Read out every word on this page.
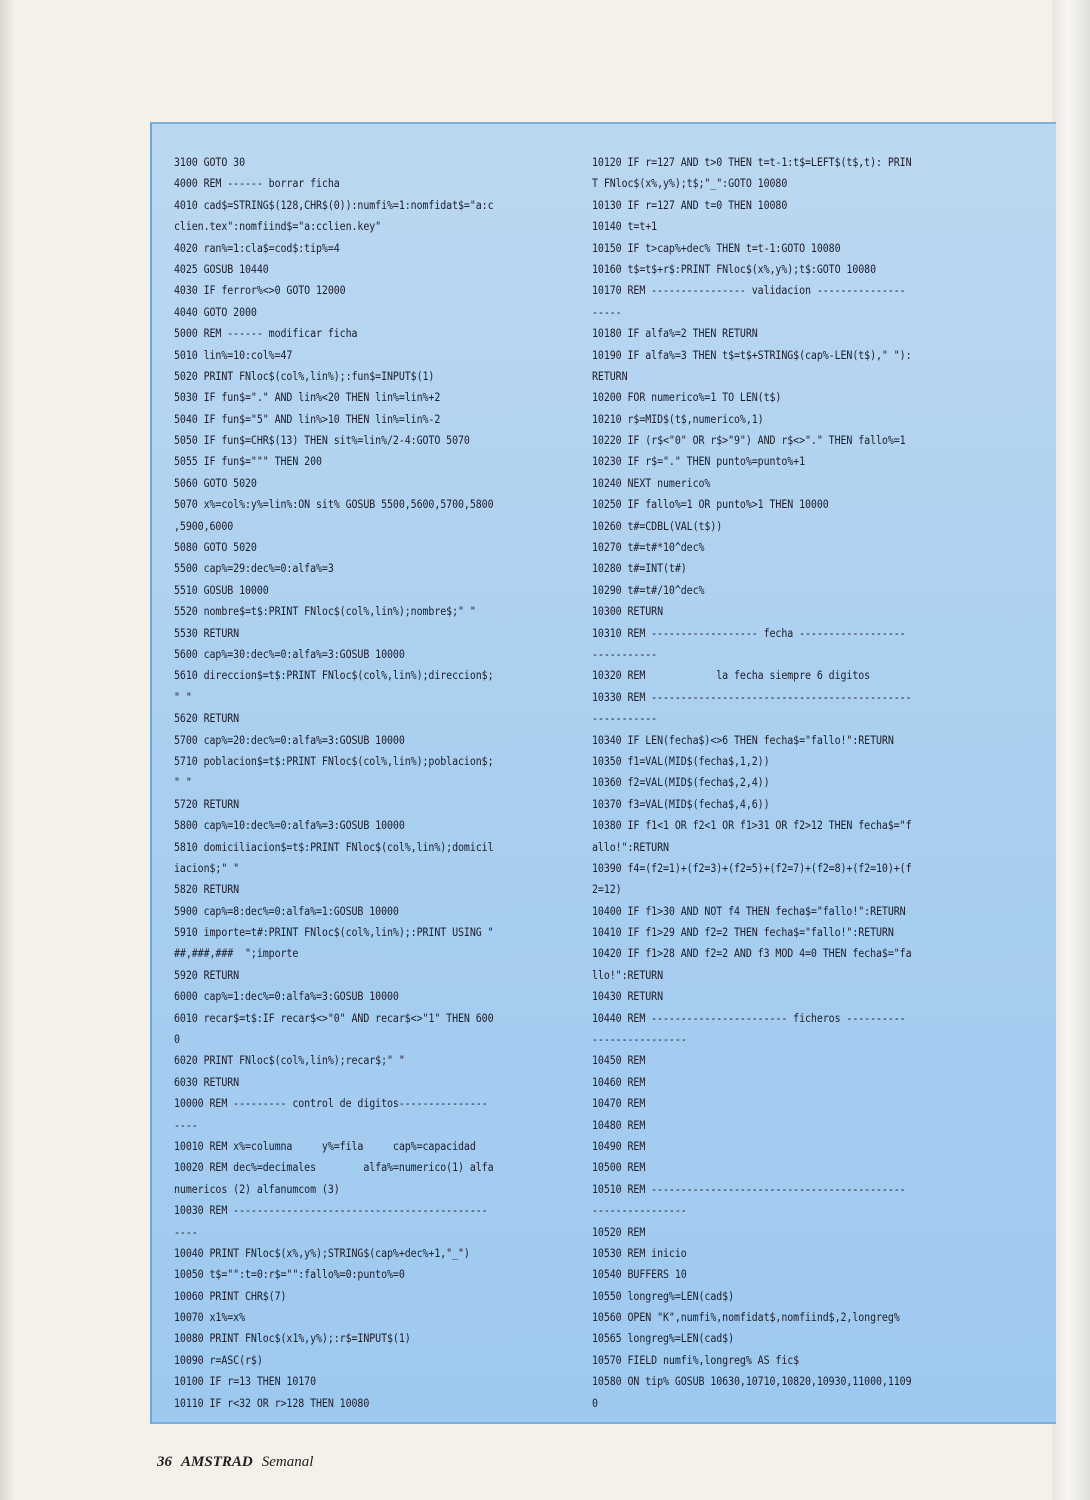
3100 GOTO 30
4000 REM ------ borrar ficha
4010 cad$=STRING$(128,CHR$(0)):numfi%=1:nomfidat$="a:c
clien.tex":nomfiind$="a:cclien.key"
4020 ran%=1:cla$=cod$:tip%=4
4025 GOSUB 10440
4030 IF ferror%<>0 GOTO 12000
4040 GOTO 2000
5000 REM ------ modificar ficha
5010 lin%=10:col%=47
5020 PRINT FNloc$(col%,lin%);:fun$=INPUT$(1)
5030 IF fun$="." AND lin%<20 THEN lin%=lin%+2
5040 IF fun$="5" AND lin%>10 THEN lin%=lin%-2
5050 IF fun$=CHR$(13) THEN sit%=lin%/2-4:GOTO 5070
5055 IF fun$=""" THEN 200
5060 GOTO 5020
5070 x%=col%:y%=lin%:ON sit% GOSUB 5500,5600,5700,5800
,5900,6000
5080 GOTO 5020
5500 cap%=29:dec%=0:alfa%=3
5510 GOSUB 10000
5520 nombre$=t$:PRINT FNloc$(col%,lin%);nombre$;" "
5530 RETURN
5600 cap%=30:dec%=0:alfa%=3:GOSUB 10000
5610 direccion$=t$:PRINT FNloc$(col%,lin%);direccion$;
" "
5620 RETURN
5700 cap%=20:dec%=0:alfa%=3:GOSUB 10000
5710 poblacion$=t$:PRINT FNloc$(col%,lin%);poblacion$;
" "
5720 RETURN
5800 cap%=10:dec%=0:alfa%=3:GOSUB 10000
5810 domiciliacion$=t$:PRINT FNloc$(col%,lin%);domicil
iacion$;" "
5820 RETURN
5900 cap%=8:dec%=0:alfa%=1:GOSUB 10000
5910 importe=t#:PRINT FNloc$(col%,lin%);:PRINT USING "
##,###,###  ";importe
5920 RETURN
6000 cap%=1:dec%=0:alfa%=3:GOSUB 10000
6010 recar$=t$:IF recar$<>"0" AND recar$<>"1" THEN 600
0
6020 PRINT FNloc$(col%,lin%);recar$;" "
6030 RETURN
10000 REM --------- control de digitos---------------
----
10010 REM x%=columna     y%=fila     cap%=capacidad
10020 REM dec%=decimales        alfa%=numerico(1) alfa
numericos (2) alfanumcom (3)
10030 REM -------------------------------------------
----
10040 PRINT FNloc$(x%,y%);STRING$(cap%+dec%+1,"_")
10050 t$="":t=0:r$="":fallo%=0:punto%=0
10060 PRINT CHR$(7)
10070 x1%=x%
10080 PRINT FNloc$(x1%,y%);:r$=INPUT$(1)
10090 r=ASC(r$)
10100 IF r=13 THEN 10170
10110 IF r<32 OR r>128 THEN 10080
10120 IF r=127 AND t>0 THEN t=t-1:t$=LEFT$(t$,t): PRIN
T FNloc$(x%,y%);t$;"_":GOTO 10080
10130 IF r=127 AND t=0 THEN 10080
10140 t=t+1
10150 IF t>cap%+dec% THEN t=t-1:GOTO 10080
10160 t$=t$+r$:PRINT FNloc$(x%,y%);t$:GOTO 10080
10170 REM ---------------- validacion ---------------
-----
10180 IF alfa%=2 THEN RETURN
10190 IF alfa%=3 THEN t$=t$+STRING$(cap%-LEN(t$)," "):
RETURN
10200 FOR numerico%=1 TO LEN(t$)
10210 r$=MID$(t$,numerico%,1)
10220 IF (r$<"0" OR r$>"9") AND r$<>"." THEN fallo%=1
10230 IF r$="." THEN punto%=punto%+1
10240 NEXT numerico%
10250 IF fallo%=1 OR punto%>1 THEN 10000
10260 t#=CDBL(VAL(t$))
10270 t#=t#*10^dec%
10280 t#=INT(t#)
10290 t#=t#/10^dec%
10300 RETURN
10310 REM ------------------ fecha ------------------
-----------
10320 REM            la fecha siempre 6 digitos
10330 REM --------------------------------------------
-----------
10340 IF LEN(fecha$)<>6 THEN fecha$="fallo!":RETURN
10350 f1=VAL(MID$(fecha$,1,2))
10360 f2=VAL(MID$(fecha$,2,4))
10370 f3=VAL(MID$(fecha$,4,6))
10380 IF f1<1 OR f2<1 OR f1>31 OR f2>12 THEN fecha$="f
allo!":RETURN
10390 f4=(f2=1)+(f2=3)+(f2=5)+(f2=7)+(f2=8)+(f2=10)+(f
2=12)
10400 IF f1>30 AND NOT f4 THEN fecha$="fallo!":RETURN
10410 IF f1>29 AND f2=2 THEN fecha$="fallo!":RETURN
10420 IF f1>28 AND f2=2 AND f3 MOD 4=0 THEN fecha$="fa
llo!":RETURN
10430 RETURN
10440 REM ----------------------- ficheros ----------
----------------
10450 REM
10460 REM
10470 REM
10480 REM
10490 REM
10500 REM
10510 REM -------------------------------------------
----------------
10520 REM
10530 REM inicio
10540 BUFFERS 10
10550 longreg%=LEN(cad$)
10560 OPEN "K",numfi%,nomfidat$,nomfiind$,2,longreg%
10565 longreg%=LEN(cad$)
10570 FIELD numfi%,longreg% AS fic$
10580 ON tip% GOSUB 10630,10710,10820,10930,11000,1109
0
36 AMSTRAD Semanal
